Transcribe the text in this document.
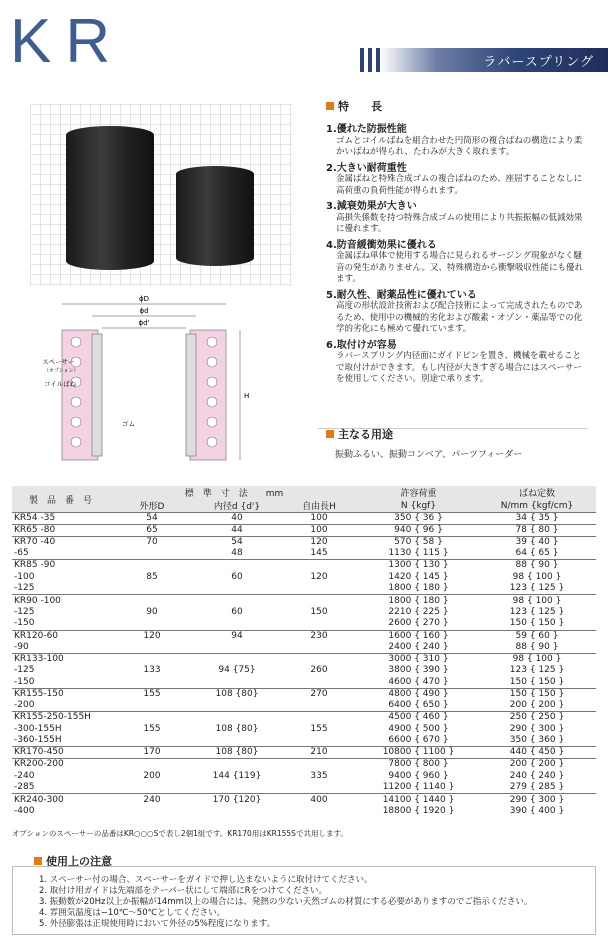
KR	ラバースプリング
ϕD
ϕd
ϕd'
H
スペーサー
（オプション）
コイルばね
ゴム
特　　長
1.優れた防振性能
ゴムとコイルばねを組合わせた円筒形の複合ばねの構造により柔かいばねが得られ、たわみが大きく取れます。
2.大きい耐荷重性
金属ばねと特殊合成ゴムの複合ばねのため、座屈することなしに高荷重の負荷性能が得られます。
3.減衰効果が大きい
高損失係数を持つ特殊合成ゴムの使用により共振振幅の低減効果に優れます。
4.防音緩衝効果に優れる
金属ばね単体で使用する場合に見られるサージング現象がなく騒音の発生がありません。又、特殊構造から衝撃吸収性能にも優れます。
5.耐久性、耐薬品性に優れている
高度の形状設計技術および配合技術によって完成されたものであるため、使用中の機械的劣化および酸素・オゾン・薬品等での化学的劣化にも極めて優れています。
6.取付けが容易
ラバースプリング内径面にガイドピンを置き、機械を載せることで取付けができます。もし内径が大きすぎる場合にはスペーサーを使用してください。別途で承ります。
主なる用途
振動ふるい、振動コンベア、パーツフィーダー
製　品　番　号	標　準　寸　法　　mm			許容荷重	ばね定数
	外形D	内径d {d'}	自由長H	N {kgf}	N/mm {kgf/cm}
KR54 -35	54	40	100	350 { 36 }	34 { 35 }
KR65 -80	65	44	100	940 { 96 }	78 { 80 }
KR70 -40	70	54	120	570 { 58 }	39 { 40 }
-65		48	145	1130 { 115 }	64 { 65 }
KR85 -90				1300 { 130 }	88 { 90 }
-100	85	60	120	1420 { 145 }	98 { 100 }
-125				1800 { 180 }	123 { 125 }
KR90 -100				1800 { 180 }	98 { 100 }
-125	90	60	150	2210 { 225 }	123 { 125 }
-150				2600 { 270 }	150 { 150 }
KR120-60	120	94	230	1600 { 160 }	59 { 60 }
-90				2400 { 240 }	88 { 90 }
KR133-100				3000 { 310 }	98 { 100 }
-125	133	94 {75}	260	3800 { 390 }	123 { 125 }
-150				4600 { 470 }	150 { 150 }
KR155-150	155	108 {80}	270	4800 { 490 }	150 { 150 }
-200				6400 { 650 }	200 { 200 }
KR155-250-155H				4500 { 460 }	250 { 250 }
-300-155H	155	108 {80}	155	4900 { 500 }	290 { 300 }
-360-155H				6600 { 670 }	350 { 360 }
KR170-450	170	108 {80}	210	10800 { 1100 }	440 { 450 }
KR200-200				7800 { 800 }	200 { 200 }
-240	200	144 {119}	335	9400 { 960 }	240 { 240 }
-285				11200 { 1140 }	279 { 285 }
KR240-300	240	170 {120}	400	14100 { 1440 }	290 { 300 }
-400				18800 { 1920 }	390 { 400 }
オプションのスペーサーの品番はKR○○○Sで表し2個1組です。KR170用はKR155Sで共用します。
使用上の注意
1. スペーサー付の場合、スペーサーをガイドで押し込まないように取付けてください。
2. 取付け用ガイドは先端部をテーパー状にして端部にRをつけてください。
3. 振動数が20Hz以上か振幅が14mm以上の場合には、発熱の少ない天然ゴムの材質にする必要がありますのでご指示ください。
4. 雰囲気温度は−10℃〜50℃としてください。
5. 外径膨張は正規使用時において外径の5%程度になります。
